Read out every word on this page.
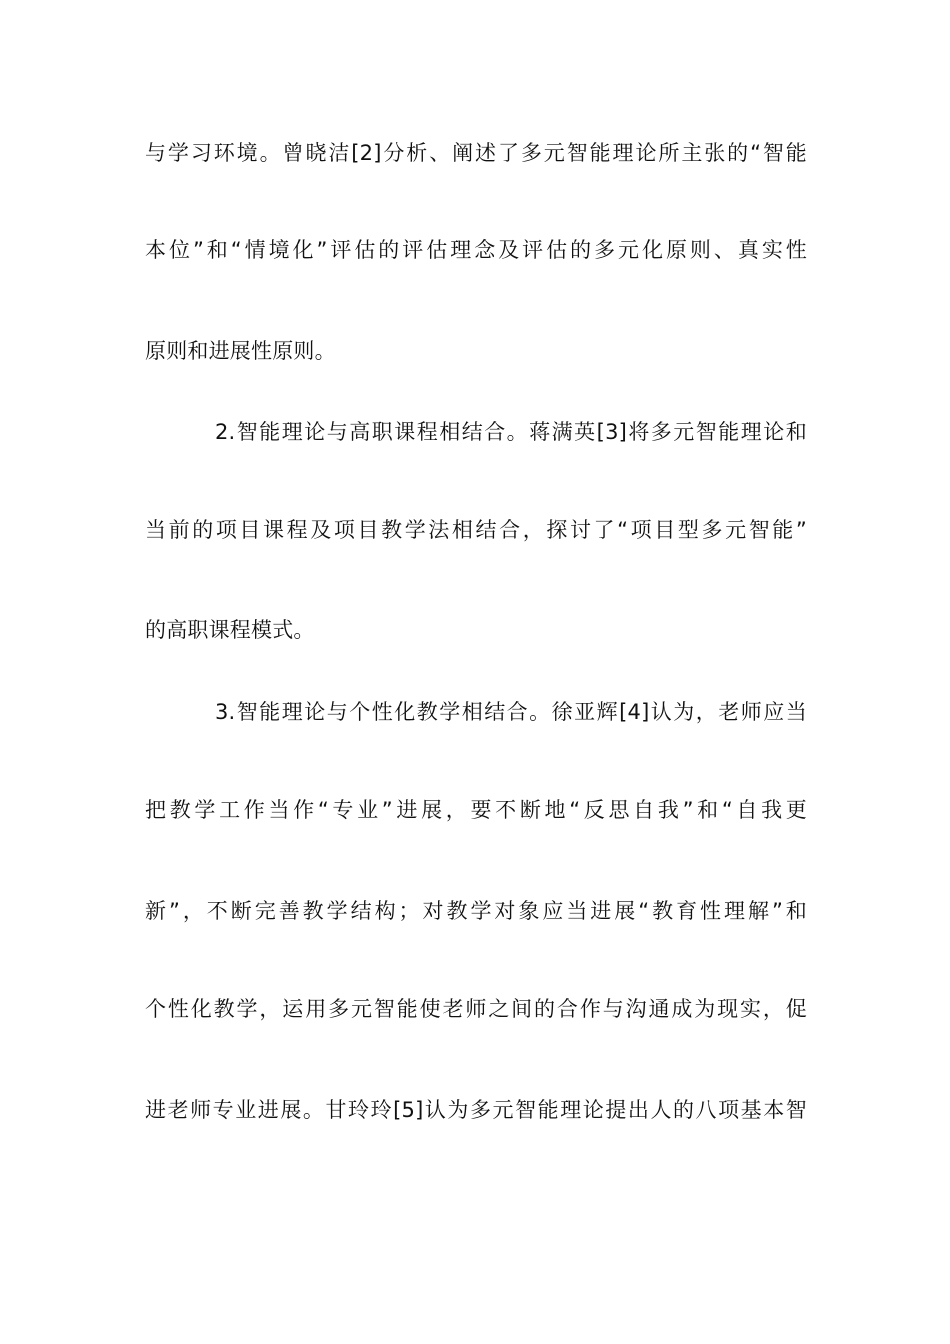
与学习环境。曾晓洁[2]分析、阐述了多元智能理论所主张的“智能
本位”和“情境化”评估的评估理念及评估的多元化原则、真实性
原则和进展性原则。
2.智能理论与高职课程相结合。蒋满英[3]将多元智能理论和
当前的项目课程及项目教学法相结合，探讨了“项目型多元智能”
的高职课程模式。
3.智能理论与个性化教学相结合。徐亚辉[4]认为，老师应当
把教学工作当作“专业”进展，要不断地“反思自我”和“自我更
新”，不断完善教学结构；对教学对象应当进展“教育性理解”和
个性化教学，运用多元智能使老师之间的合作与沟通成为现实，促
进老师专业进展。甘玲玲[5]认为多元智能理论提出人的八项基本智
